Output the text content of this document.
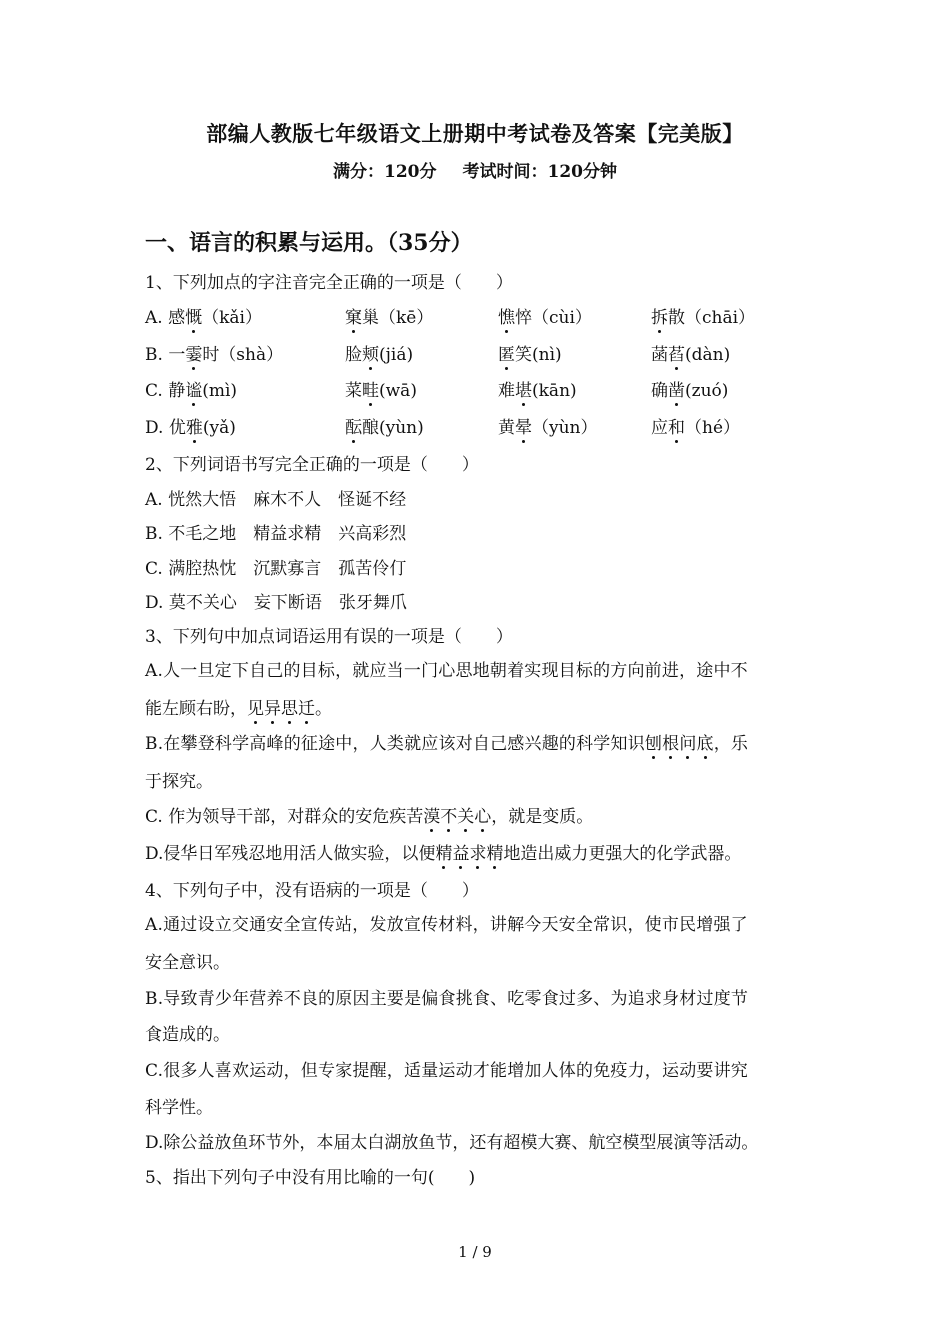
部编人教版七年级语文上册期中考试卷及答案【完美版】
满分：120分 考试时间：120分钟
一、语言的积累与运用。（35分）
1、下列加点的字注音完全正确的一项是（　　）
A. 感慨（kǎi）	窠巢（kē）	憔悴（cùi）	拆散（chāi）
B. 一霎时（shà）	脸颊(jiá)	匿笑(nì)	菡萏(dàn)
C. 静谧(mì)	菜畦(wā)	难堪(kān)	确凿(zuó)
D. 优雅(yǎ)	酝酿(yùn)	黄晕（yùn）	应和（hé）
2、下列词语书写完全正确的一项是（　　）
A. 恍然大悟　麻木不人　怪诞不经
B. 不毛之地　精益求精　兴高彩烈
C. 满腔热忱　沉默寡言　孤苦伶仃
D. 莫不关心　妄下断语　张牙舞爪
3、下列句中加点词语运用有误的一项是（　　）
A.人一旦定下自己的目标，就应当一门心思地朝着实现目标的方向前进，途中不
能左顾右盼，见异思迁。
B.在攀登科学高峰的征途中，人类就应该对自己感兴趣的科学知识刨根问底，乐
于探究。
C. 作为领导干部，对群众的安危疾苦漠不关心，就是变质。
D.侵华日军残忍地用活人做实验，以便精益求精地造出威力更强大的化学武器。
4、下列句子中，没有语病的一项是（　　）
A.通过设立交通安全宣传站，发放宣传材料，讲解今天安全常识，使市民增强了
安全意识。
B.导致青少年营养不良的原因主要是偏食挑食、吃零食过多、为追求身材过度节
食造成的。
C.很多人喜欢运动，但专家提醒，适量运动才能增加人体的免疫力，运动要讲究
科学性。
D.除公益放鱼环节外，本届太白湖放鱼节，还有超模大赛、航空模型展演等活动。
5、指出下列句子中没有用比喻的一句(　　)
1 / 9
